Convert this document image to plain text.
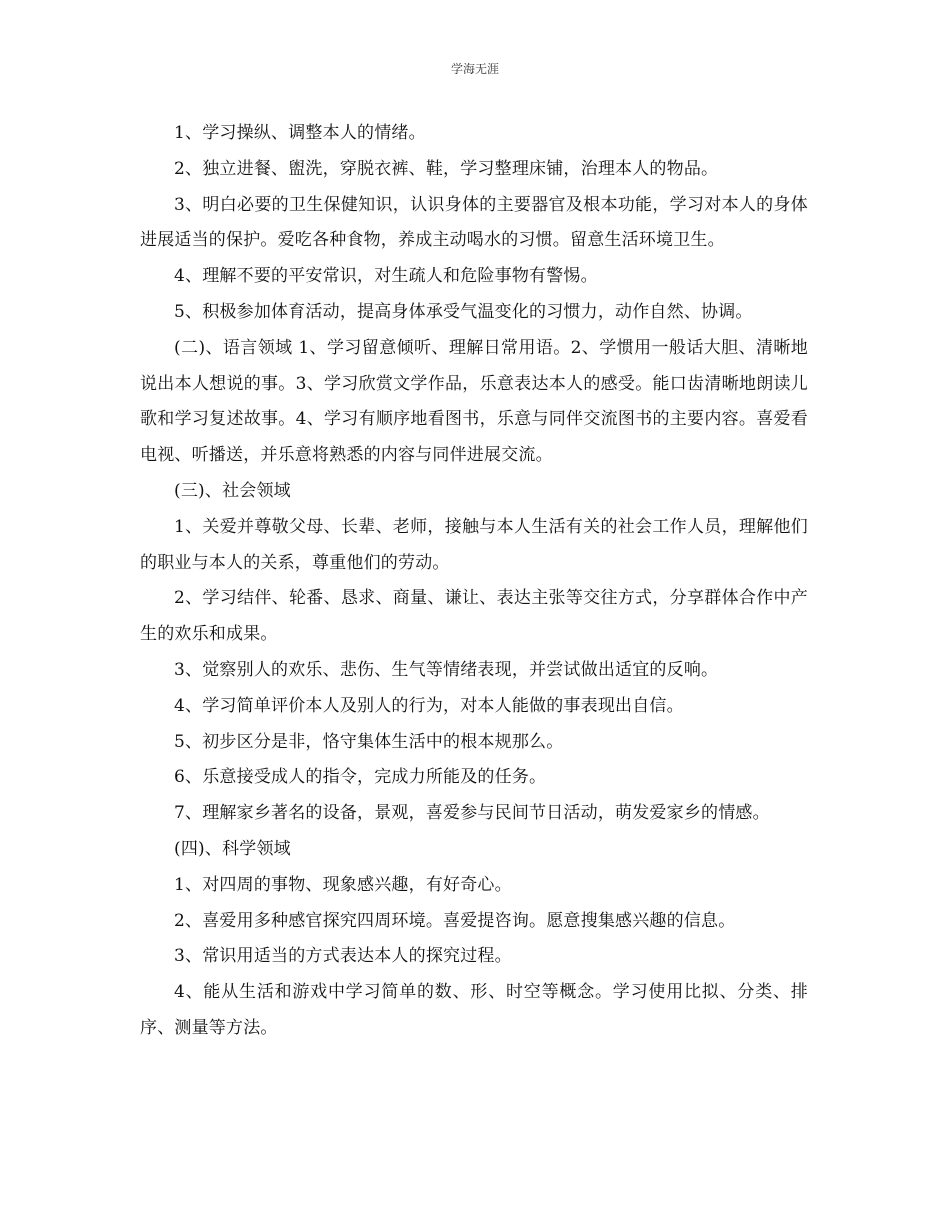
学海无涯

1、学习操纵、调整本人的情绪。

2、独立进餐、盥洗，穿脱衣裤、鞋，学习整理床铺，治理本人的物品。

3、明白必要的卫生保健知识，认识身体的主要器官及根本功能，学习对本人的身体进展适当的保护。爱吃各种食物，养成主动喝水的习惯。留意生活环境卫生。

4、理解不要的平安常识，对生疏人和危险事物有警惕。

5、积极参加体育活动，提高身体承受气温变化的习惯力，动作自然、协调。

(二)、语言领域 1、学习留意倾听、理解日常用语。2、学惯用一般话大胆、清晰地说出本人想说的事。3、学习欣赏文学作品，乐意表达本人的感受。能口齿清晰地朗读儿歌和学习复述故事。4、学习有顺序地看图书，乐意与同伴交流图书的主要内容。喜爱看电视、听播送，并乐意将熟悉的内容与同伴进展交流。

(三)、社会领域

1、关爱并尊敬父母、长辈、老师，接触与本人生活有关的社会工作人员，理解他们的职业与本人的关系，尊重他们的劳动。

2、学习结伴、轮番、恳求、商量、谦让、表达主张等交往方式，分享群体合作中产生的欢乐和成果。

3、觉察别人的欢乐、悲伤、生气等情绪表现，并尝试做出适宜的反响。

4、学习简单评价本人及别人的行为，对本人能做的事表现出自信。

5、初步区分是非，恪守集体生活中的根本规那么。

6、乐意接受成人的指令，完成力所能及的任务。

7、理解家乡著名的设备，景观，喜爱参与民间节日活动，萌发爱家乡的情感。

(四)、科学领域

1、对四周的事物、现象感兴趣，有好奇心。

2、喜爱用多种感官探究四周环境。喜爱提咨询。愿意搜集感兴趣的信息。

3、常识用适当的方式表达本人的探究过程。

4、能从生活和游戏中学习简单的数、形、时空等概念。学习使用比拟、分类、排序、测量等方法。
